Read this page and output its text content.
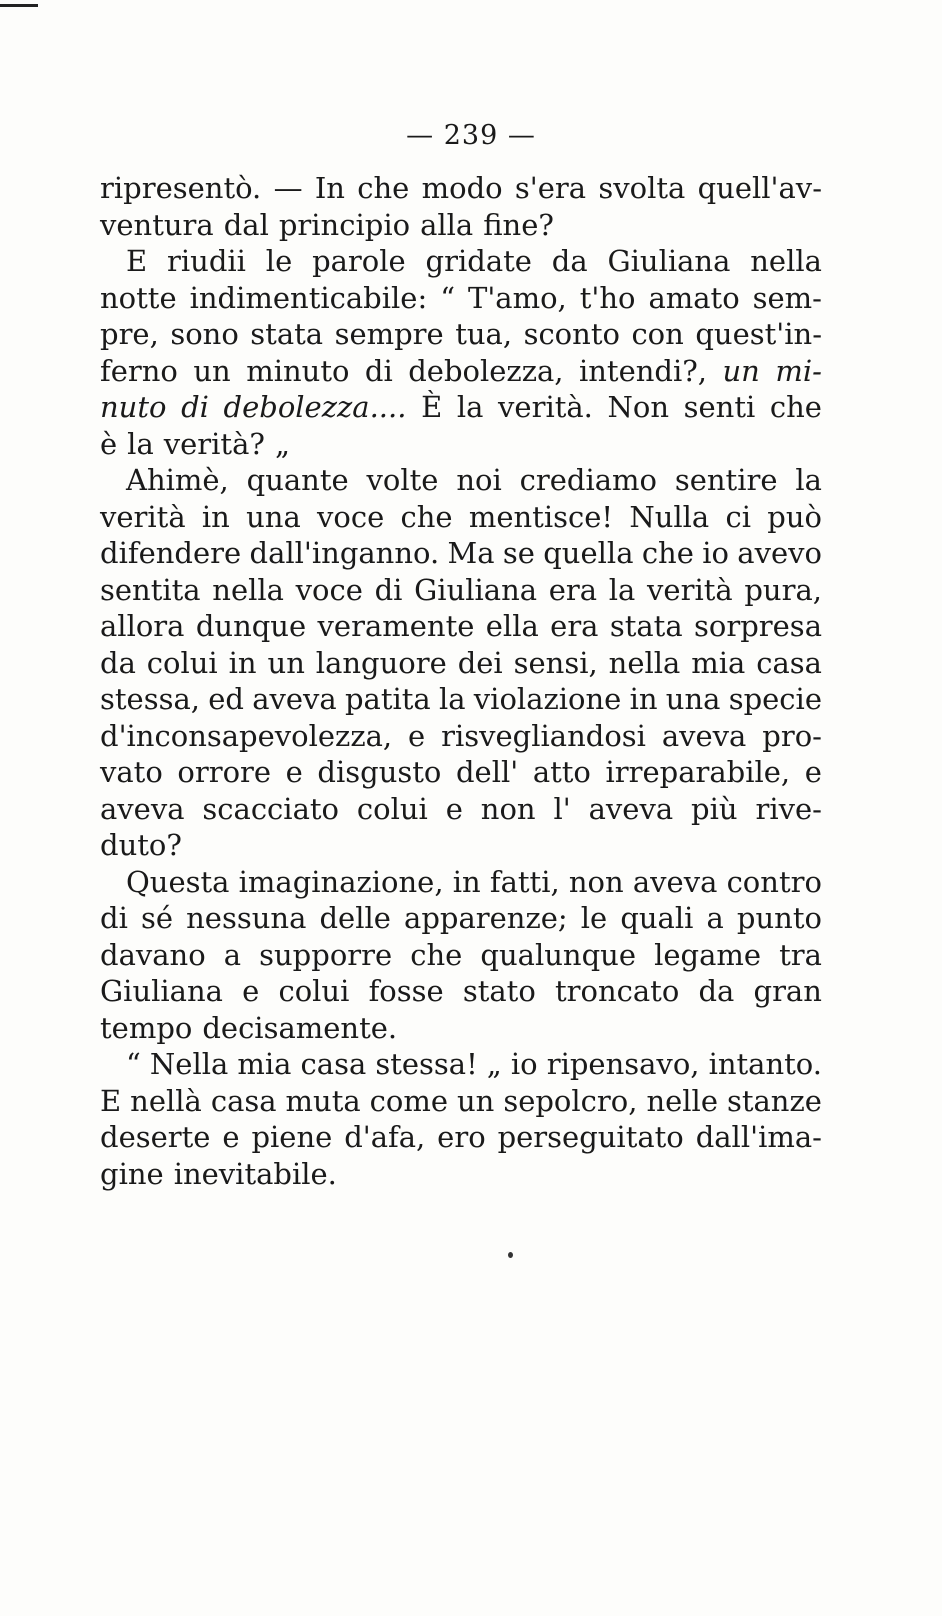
— 239 —
ripresentò. — In che modo s'era svolta quell'av-
ventura dal principio alla fine?
E riudii le parole gridate da Giuliana nella
notte indimenticabile: “ T'amo, t'ho amato sem-
pre, sono stata sempre tua, sconto con quest'in-
ferno un minuto di debolezza, intendi?, un mi-
nuto di debolezza.... È la verità. Non senti che
è la verità? „
Ahimè, quante volte noi crediamo sentire la
verità in una voce che mentisce! Nulla ci può
difendere dall'inganno. Ma se quella che io avevo
sentita nella voce di Giuliana era la verità pura,
allora dunque veramente ella era stata sorpresa
da colui in un languore dei sensi, nella mia casa
stessa, ed aveva patita la violazione in una specie
d'inconsapevolezza, e risvegliandosi aveva pro-
vato orrore e disgusto dell' atto irreparabile, e
aveva scacciato colui e non l' aveva più rive-
duto?
Questa imaginazione, in fatti, non aveva contro
di sé nessuna delle apparenze; le quali a punto
davano a supporre che qualunque legame tra
Giuliana e colui fosse stato troncato da gran
tempo decisamente.
“ Nella mia casa stessa! „ io ripensavo, intanto.
E nellà casa muta come un sepolcro, nelle stanze
deserte e piene d'afa, ero perseguitato dall'ima-
gine inevitabile.
